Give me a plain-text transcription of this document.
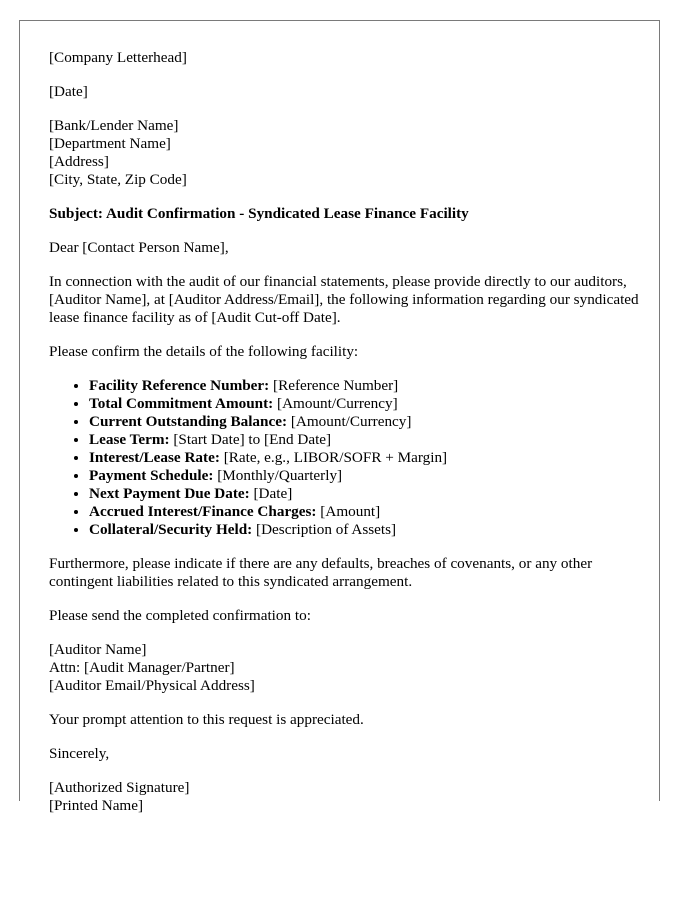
[Company Letterhead]
[Date]
[Bank/Lender Name]
[Department Name]
[Address]
[City, State, Zip Code]
Subject: Audit Confirmation - Syndicated Lease Finance Facility
Dear [Contact Person Name],

In connection with the audit of our financial statements, please provide directly to our auditors, [Auditor Name], at [Auditor Address/Email], the following information regarding our syndicated lease finance facility as of [Audit Cut-off Date].

Please confirm the details of the following facility:
• Facility Reference Number: [Reference Number]
• Total Commitment Amount: [Amount/Currency]
• Current Outstanding Balance: [Amount/Currency]
• Lease Term: [Start Date] to [End Date]
• Interest/Lease Rate: [Rate, e.g., LIBOR/SOFR + Margin]
• Payment Schedule: [Monthly/Quarterly]
• Next Payment Due Date: [Date]
• Accrued Interest/Finance Charges: [Amount]
• Collateral/Security Held: [Description of Assets]

Furthermore, please indicate if there are any defaults, breaches of covenants, or any other contingent liabilities related to this syndicated arrangement.

Please send the completed confirmation to:
[Auditor Name]
Attn: [Audit Manager/Partner]
[Auditor Email/Physical Address]
Your prompt attention to this request is appreciated.
Sincerely,
[Authorized Signature]
[Printed Name]
